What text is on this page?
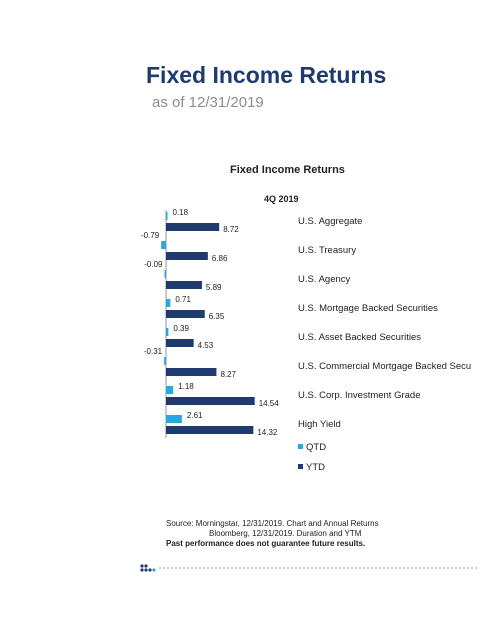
Fixed Income Returns
as of 12/31/2019
Fixed Income Returns
4Q 2019
0.18
8.72
U.S. Aggregate
-0.79
6.86
U.S. Treasury
-0.09
5.89
U.S. Agency
0.71
6.35
U.S. Mortgage Backed Securities
0.39
4.53
U.S. Asset Backed Securities
-0.31
8.27
U.S. Commercial Mortgage Backed Secu
1.18
14.54
U.S. Corp. Investment Grade
2.61
14.32
High Yield
QTD
YTD
Source: Morningstar, 12/31/2019. Chart and Annual Returns
Bloomberg, 12/31/2019. Duration and YTM
Past performance does not guarantee future results.
